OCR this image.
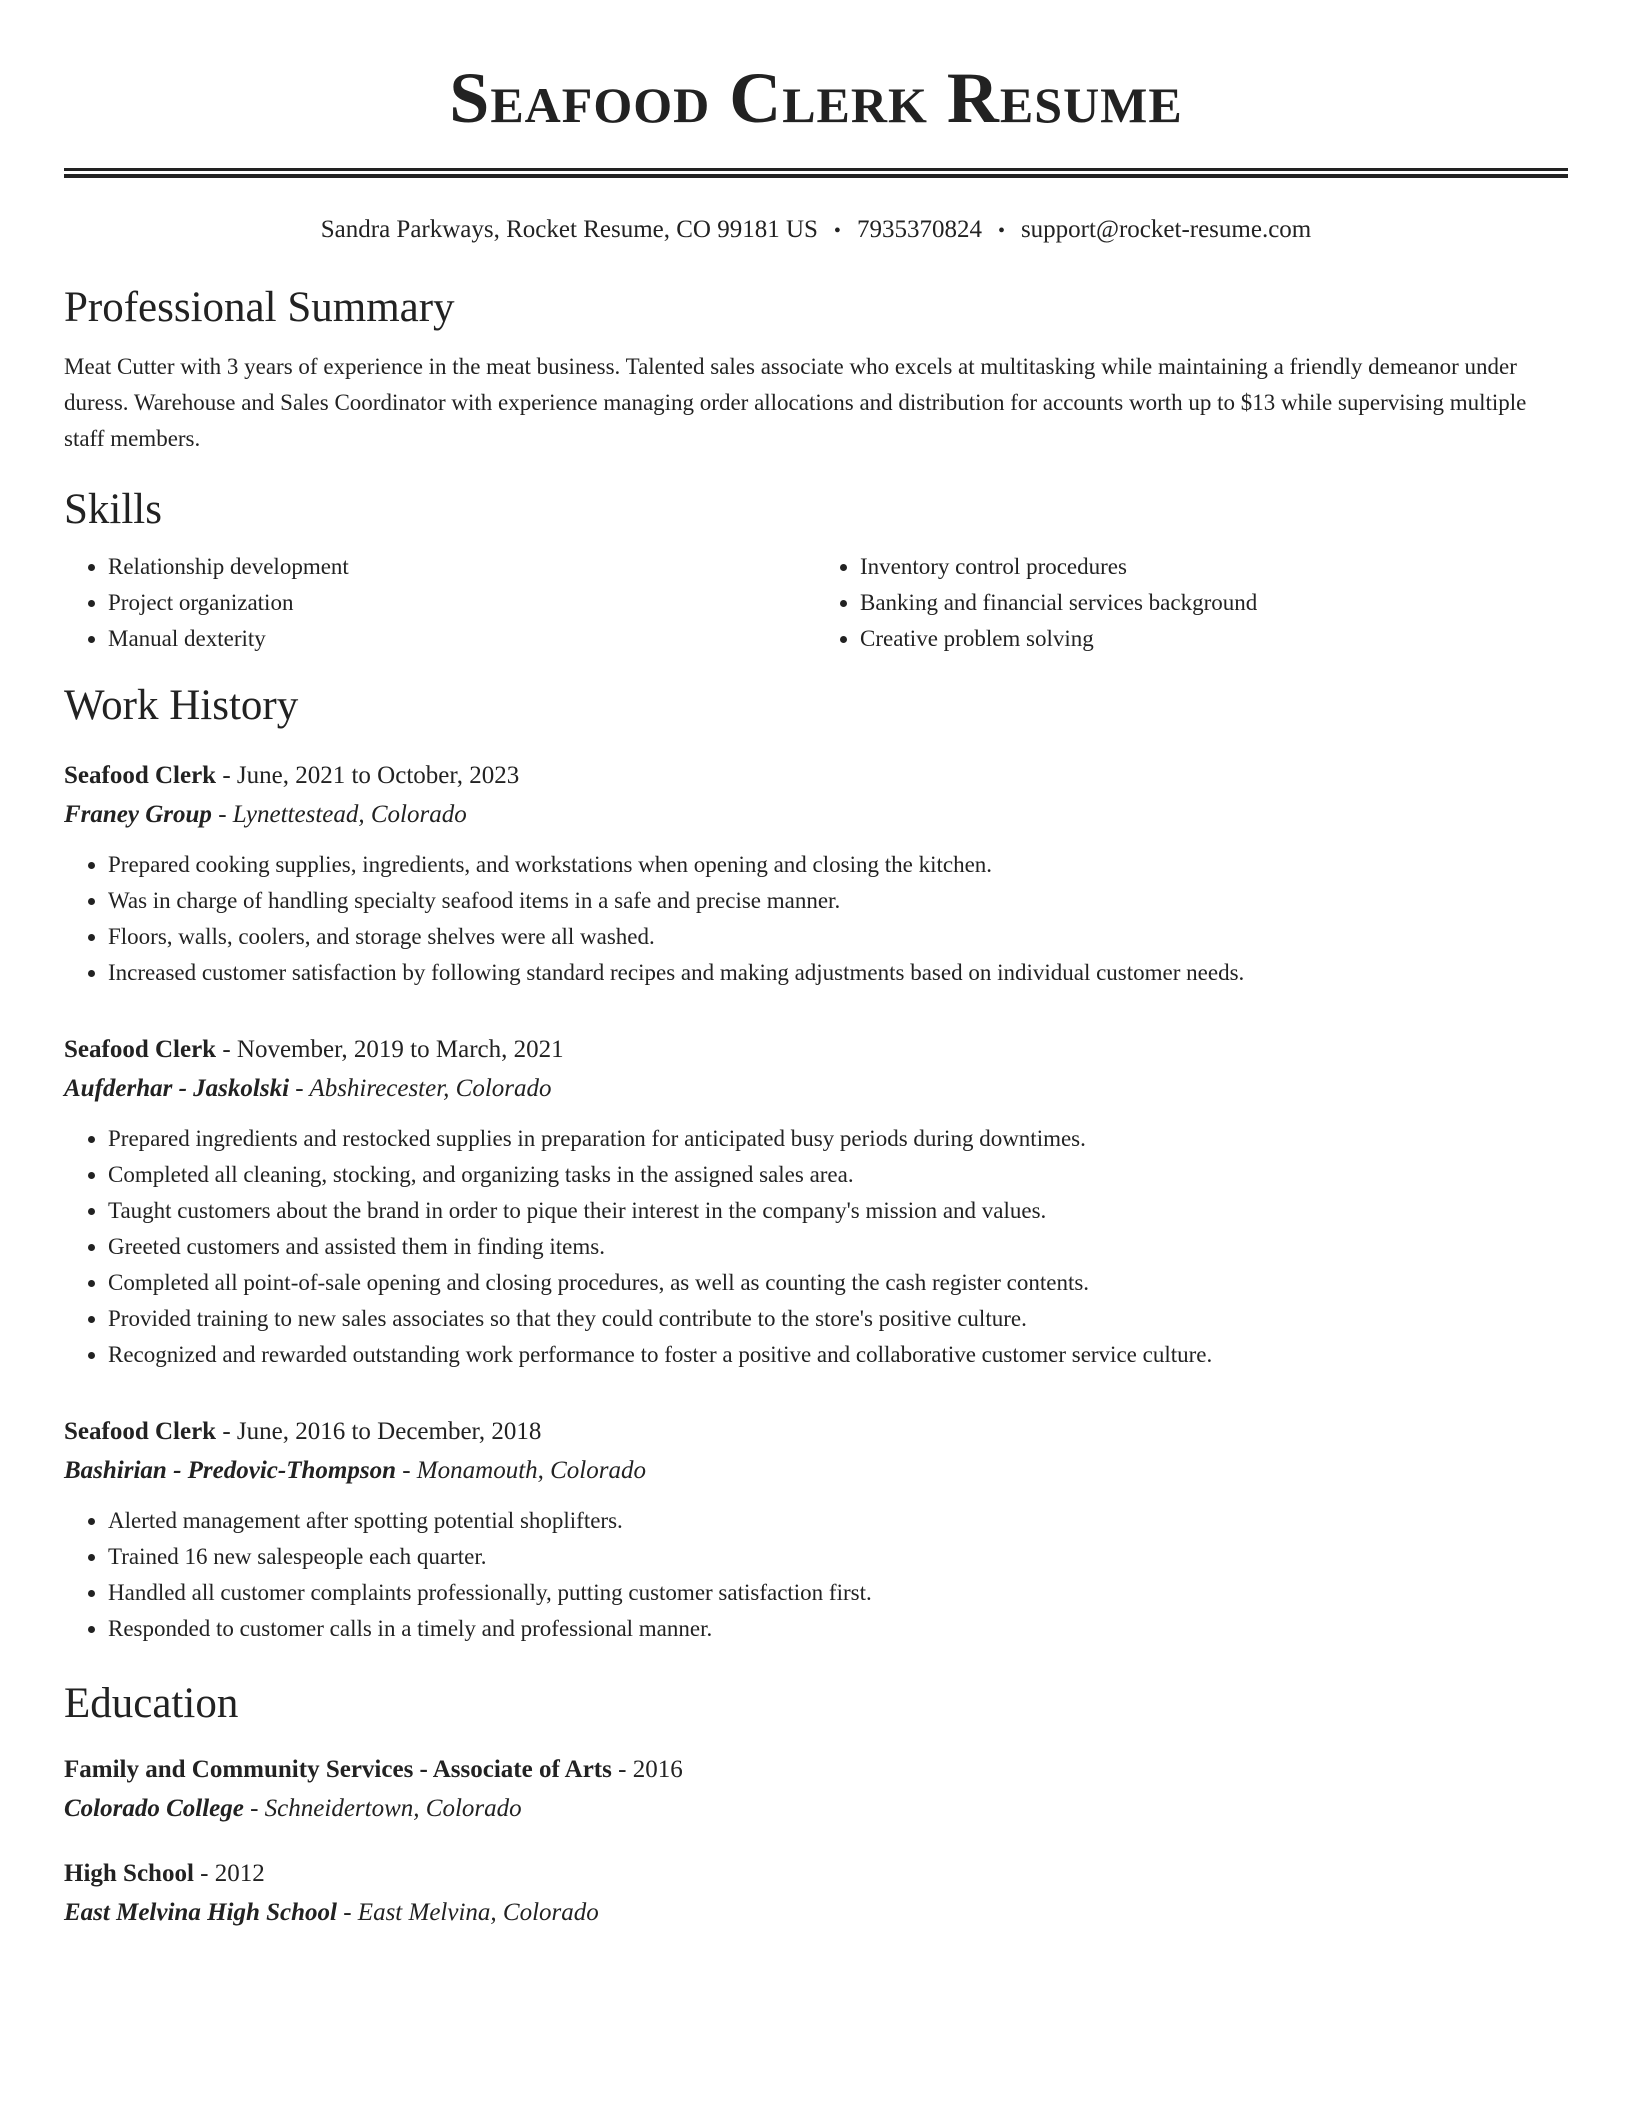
Seafood Clerk Resume
Sandra Parkways, Rocket Resume, CO 99181 US • 7935370824 • support@rocket-resume.com
Professional Summary

Meat Cutter with 3 years of experience in the meat business. Talented sales associate who excels at multitasking while maintaining a friendly demeanor under duress. Warehouse and Sales Coordinator with experience managing order allocations and distribution for accounts worth up to $13 while supervising multiple staff members.

Skills
• Relationship development
• Project organization
• Manual dexterity
• Inventory control procedures
• Banking and financial services background
• Creative problem solving
Work History
Seafood Clerk - June, 2021 to October, 2023
Franey Group - Lynettestead, Colorado
• Prepared cooking supplies, ingredients, and workstations when opening and closing the kitchen.
• Was in charge of handling specialty seafood items in a safe and precise manner.
• Floors, walls, coolers, and storage shelves were all washed.
• Increased customer satisfaction by following standard recipes and making adjustments based on individual customer needs.
Seafood Clerk - November, 2019 to March, 2021
Aufderhar - Jaskolski - Abshirecester, Colorado
• Prepared ingredients and restocked supplies in preparation for anticipated busy periods during downtimes.
• Completed all cleaning, stocking, and organizing tasks in the assigned sales area.
• Taught customers about the brand in order to pique their interest in the company's mission and values.
• Greeted customers and assisted them in finding items.
• Completed all point-of-sale opening and closing procedures, as well as counting the cash register contents.
• Provided training to new sales associates so that they could contribute to the store's positive culture.
• Recognized and rewarded outstanding work performance to foster a positive and collaborative customer service culture.
Seafood Clerk - June, 2016 to December, 2018
Bashirian - Predovic-Thompson - Monamouth, Colorado
• Alerted management after spotting potential shoplifters.
• Trained 16 new salespeople each quarter.
• Handled all customer complaints professionally, putting customer satisfaction first.
• Responded to customer calls in a timely and professional manner.
Education
Family and Community Services - Associate of Arts - 2016
Colorado College - Schneidertown, Colorado
High School - 2012
East Melvina High School - East Melvina, Colorado
